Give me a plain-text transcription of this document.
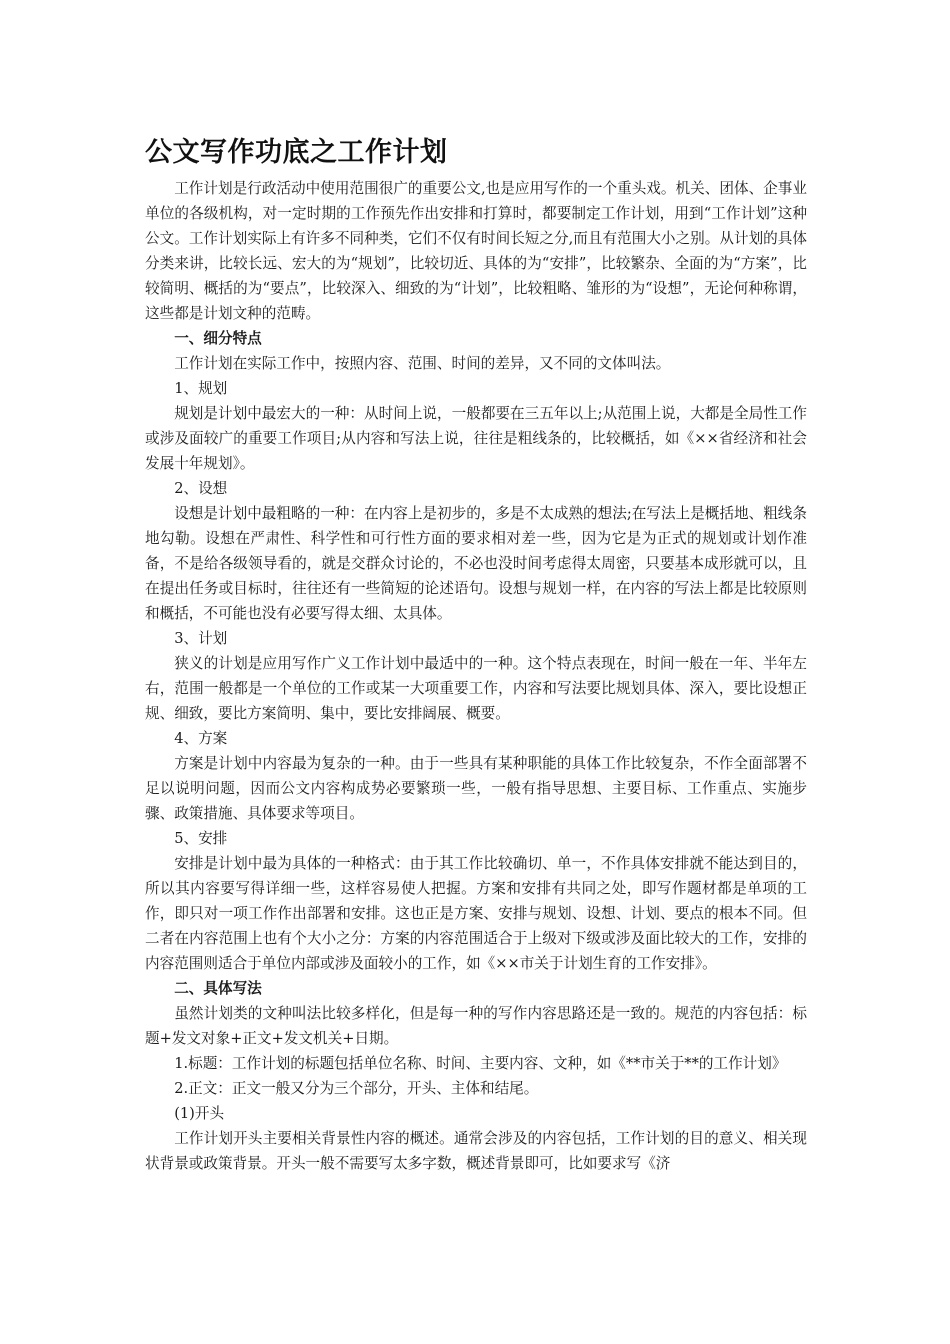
公文写作功底之工作计划

工作计划是行政活动中使用范围很广的重要公文,也是应用写作的一个重头戏。机关、团体、企事业单位的各级机构，对一定时期的工作预先作出安排和打算时，都要制定工作计划，用到“工作计划”这种公文。工作计划实际上有许多不同种类，它们不仅有时间长短之分,而且有范围大小之别。从计划的具体分类来讲，比较长远、宏大的为“规划”，比较切近、具体的为“安排”，比较繁杂、全面的为“方案”，比较简明、概括的为“要点”，比较深入、细致的为“计划”，比较粗略、雏形的为“设想”，无论何种称谓，这些都是计划文种的范畴。

一、细分特点

工作计划在实际工作中，按照内容、范围、时间的差异，又不同的文体叫法。

1、规划

规划是计划中最宏大的一种：从时间上说，一般都要在三五年以上;从范围上说，大都是全局性工作或涉及面较广的重要工作项目;从内容和写法上说，往往是粗线条的，比较概括，如《××省经济和社会发展十年规划》。

2、设想

设想是计划中最粗略的一种：在内容上是初步的，多是不太成熟的想法;在写法上是概括地、粗线条地勾勒。设想在严肃性、科学性和可行性方面的要求相对差一些，因为它是为正式的规划或计划作准备，不是给各级领导看的，就是交群众讨论的，不必也没时间考虑得太周密，只要基本成形就可以，且在提出任务或目标时，往往还有一些简短的论述语句。设想与规划一样，在内容的写法上都是比较原则和概括，不可能也没有必要写得太细、太具体。

3、计划

狭义的计划是应用写作广义工作计划中最适中的一种。这个特点表现在，时间一般在一年、半年左右，范围一般都是一个单位的工作或某一大项重要工作，内容和写法要比规划具体、深入，要比设想正规、细致，要比方案简明、集中，要比安排阔展、概要。

4、方案

方案是计划中内容最为复杂的一种。由于一些具有某种职能的具体工作比较复杂，不作全面部署不足以说明问题，因而公文内容构成势必要繁琐一些，一般有指导思想、主要目标、工作重点、实施步骤、政策措施、具体要求等项目。

5、安排

安排是计划中最为具体的一种格式：由于其工作比较确切、单一，不作具体安排就不能达到目的，所以其内容要写得详细一些，这样容易使人把握。方案和安排有共同之处，即写作题材都是单项的工作，即只对一项工作作出部署和安排。这也正是方案、安排与规划、设想、计划、要点的根本不同。但二者在内容范围上也有个大小之分：方案的内容范围适合于上级对下级或涉及面比较大的工作，安排的内容范围则适合于单位内部或涉及面较小的工作，如《××市关于计划生育的工作安排》。

二、具体写法

虽然计划类的文种叫法比较多样化，但是每一种的写作内容思路还是一致的。规范的内容包括：标题+发文对象+正文+发文机关+日期。

1.标题：工作计划的标题包括单位名称、时间、主要内容、文种，如《**市关于**的工作计划》

2.正文：正文一般又分为三个部分，开头、主体和结尾。

(1)开头

工作计划开头主要相关背景性内容的概述。通常会涉及的内容包括，工作计划的目的意义、相关现状背景或政策背景。开头一般不需要写太多字数，概述背景即可，比如要求写《济
